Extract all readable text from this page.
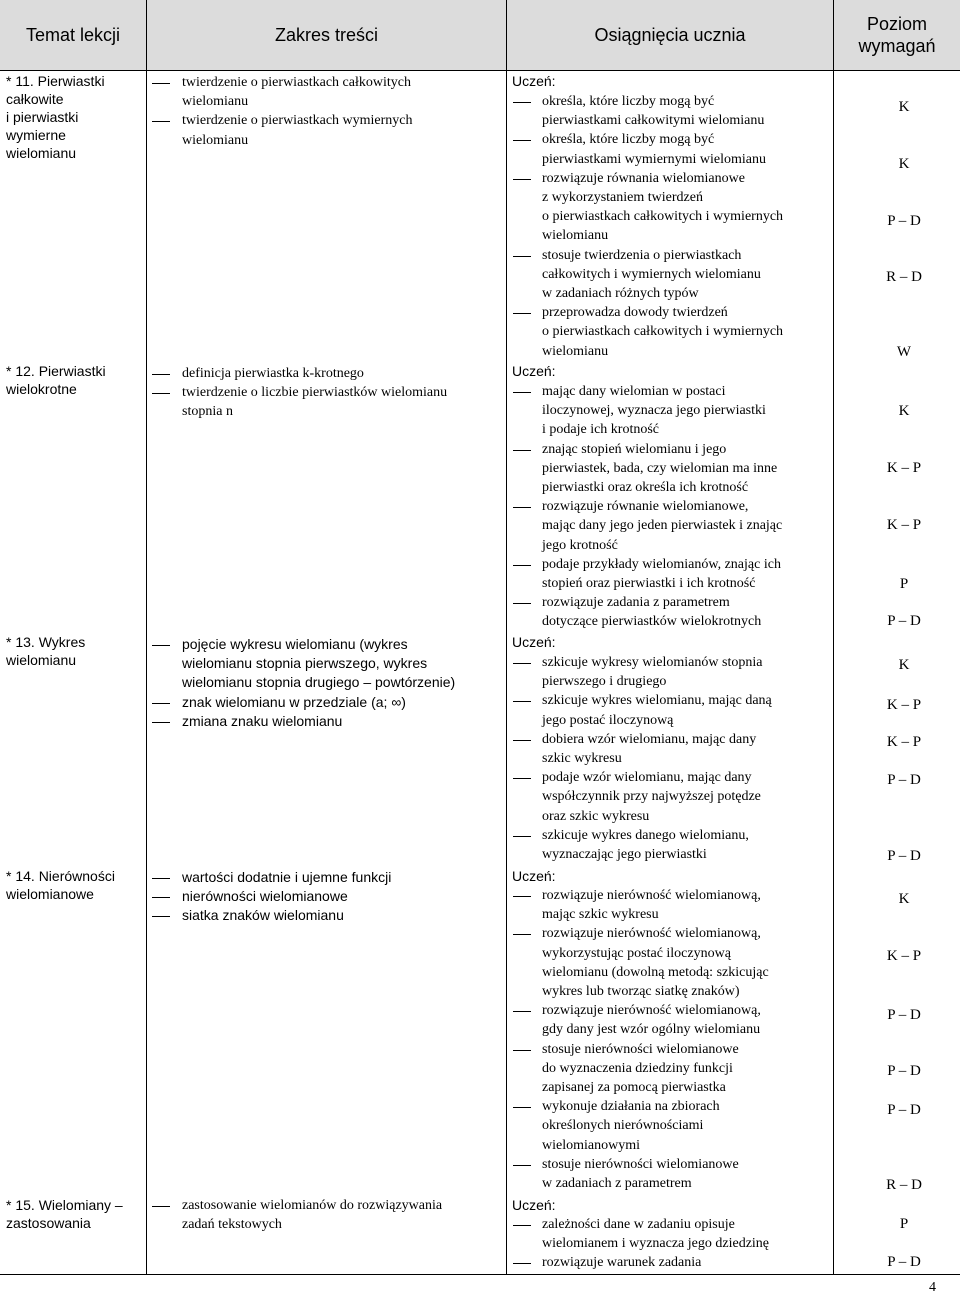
Temat lekcji	Zakres treści	Osiągnięcia ucznia
Poziom
wymagań
* 11. Pierwiastki
całkowite
i pierwiastki
wymierne
wielomianu
* 12. Pierwiastki
wielokrotne
* 13. Wykres
wielomianu
* 14. Nierówności
wielomianowe
* 15. Wielomiany –
zastosowania
twierdzenie o pierwiastkach całkowitych
wielomianu
twierdzenie o pierwiastkach wymiernych
wielomianu
definicja pierwiastka k-krotnego
twierdzenie o liczbie pierwiastków wielomianu
stopnia n
pojęcie wykresu wielomianu (wykres
wielomianu stopnia pierwszego, wykres
wielomianu stopnia drugiego – powtórzenie)
znak wielomianu w przedziale (a; ∞)
zmiana znaku wielomianu
wartości dodatnie i ujemne funkcji
nierówności wielomianowe
siatka znaków wielomianu
zastosowanie wielomianów do rozwiązywania
zadań tekstowych
określa, które liczby mogą być
pierwiastkami całkowitymi wielomianu
określa, które liczby mogą być
pierwiastkami wymiernymi wielomianu
rozwiązuje równania wielomianowe
z wykorzystaniem twierdzeń
o pierwiastkach całkowitych i wymiernych
wielomianu
stosuje twierdzenia o pierwiastkach
całkowitych i wymiernych wielomianu
w zadaniach różnych typów
przeprowadza dowody twierdzeń
o pierwiastkach całkowitych i wymiernych
wielomianu
mając dany wielomian w postaci
iloczynowej, wyznacza jego pierwiastki
i podaje ich krotność
znając stopień wielomianu i jego
pierwiastek, bada, czy wielomian ma inne
pierwiastki oraz określa ich krotność
rozwiązuje równanie wielomianowe,
mając dany jego jeden pierwiastek i znając
jego krotność
podaje przykłady wielomianów, znając ich
stopień oraz pierwiastki i ich krotność
rozwiązuje zadania z parametrem
dotyczące pierwiastków wielokrotnych
szkicuje wykresy wielomianów stopnia
pierwszego i drugiego
szkicuje wykres wielomianu, mając daną
jego postać iloczynową
dobiera wzór wielomianu, mając dany
szkic wykresu
podaje wzór wielomianu, mając dany
współczynnik przy najwyższej potędze
oraz szkic wykresu
szkicuje wykres danego wielomianu,
wyznaczając jego pierwiastki
rozwiązuje nierówność wielomianową,
mając szkic wykresu
rozwiązuje nierówność wielomianową,
wykorzystując postać iloczynową
wielomianu (dowolną metodą: szkicując
wykres lub tworząc siatkę znaków)
rozwiązuje nierówność wielomianową,
gdy dany jest wzór ogólny wielomianu
stosuje nierówności wielomianowe
do wyznaczenia dziedziny funkcji
zapisanej za pomocą pierwiastka
wykonuje działania na zbiorach
określonych nierównościami
wielomianowymi
stosuje nierówności wielomianowe
w zadaniach z parametrem
zależności dane w zadaniu opisuje
wielomianem i wyznacza jego dziedzinę
rozwiązuje warunek zadania
K
K
P – D
R – D
W
K
K – P
K – P
P
P – D
K
K – P
K – P
P – D
P – D
K
K – P
P – D
P – D
P – D
R – D
P
P – D
Uczeń:
Uczeń:
Uczeń:
Uczeń:
Uczeń:
4
